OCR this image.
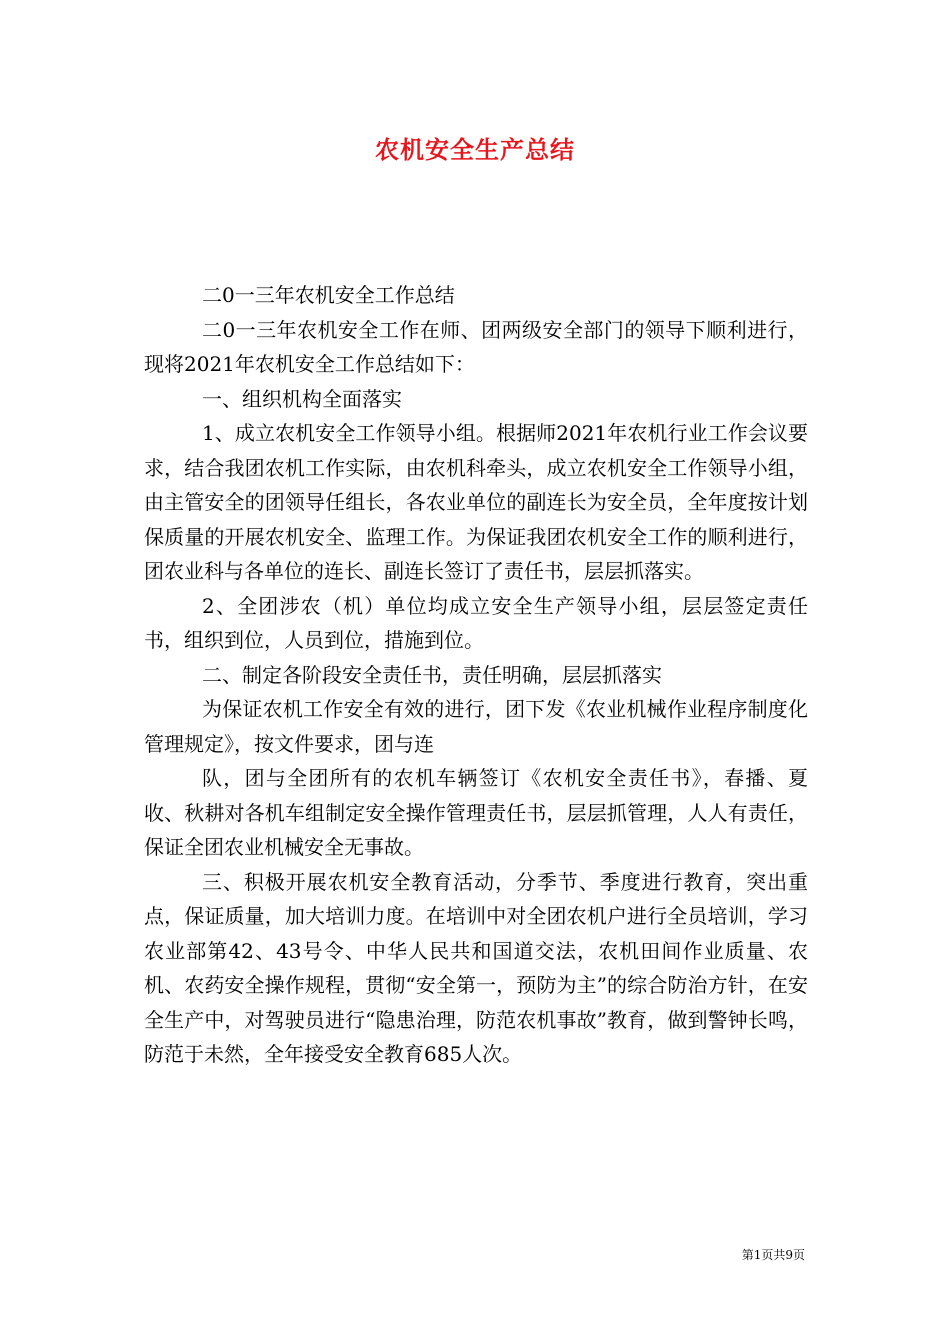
农机安全生产总结

二0一三年农机安全工作总结

二0一三年农机安全工作在师、团两级安全部门的领导下顺利进行，现将2021年农机安全工作总结如下：

一、组织机构全面落实

1、成立农机安全工作领导小组。根据师2021年农机行业工作会议要求，结合我团农机工作实际，由农机科牵头，成立农机安全工作领导小组，由主管安全的团领导任组长，各农业单位的副连长为安全员，全年度按计划保质量的开展农机安全、监理工作。为保证我团农机安全工作的顺利进行，团农业科与各单位的连长、副连长签订了责任书，层层抓落实。

2、全团涉农（机）单位均成立安全生产领导小组，层层签定责任书，组织到位，人员到位，措施到位。

二、制定各阶段安全责任书，责任明确，层层抓落实

为保证农机工作安全有效的进行，团下发《农业机械作业程序制度化管理规定》，按文件要求，团与连

队，团与全团所有的农机车辆签订《农机安全责任书》，春播、夏收、秋耕对各机车组制定安全操作管理责任书，层层抓管理，人人有责任，保证全团农业机械安全无事故。

三、积极开展农机安全教育活动，分季节、季度进行教育，突出重点，保证质量，加大培训力度。在培训中对全团农机户进行全员培训，学习农业部第42、43号令、中华人民共和国道交法，农机田间作业质量、农机、农药安全操作规程，贯彻“安全第一，预防为主”的综合防治方针，在安全生产中，对驾驶员进行“隐患治理，防范农机事故”教育，做到警钟长鸣，防范于未然，全年接受安全教育685人次。

第1页共9页
